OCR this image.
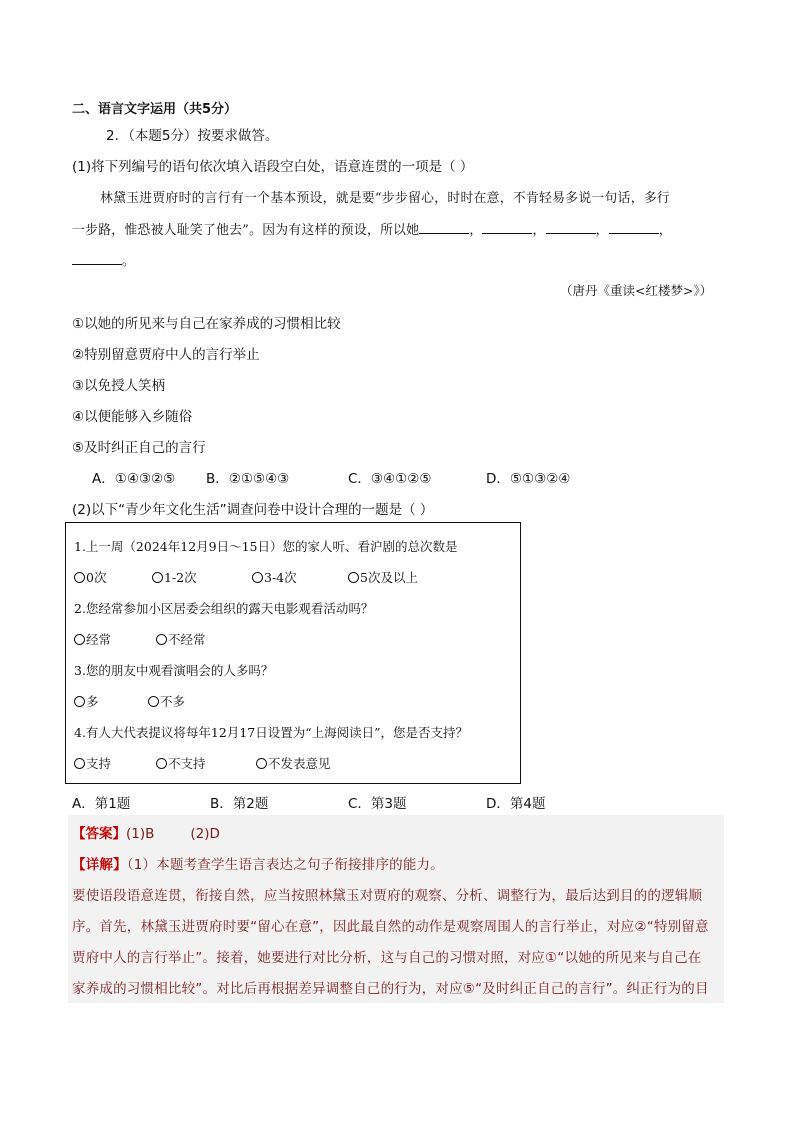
二、语言文字运用（共5分）
2．（本题5分）按要求做答。
(1)将下列编号的语句依次填入语段空白处，语意连贯的一项是（ ）
林黛玉进贾府时的言行有一个基本预设，就是要“步步留心，时时在意，不肯轻易多说一句话，多行
一步路，惟恐被人耻笑了他去”。因为有这样的预设，所以她	，	，	，	，
。
（唐丹《重读<红楼梦>》）
①以她的所见来与自己在家养成的习惯相比较
②特别留意贾府中人的言行举止
③以免授人笑柄
④以便能够入乡随俗
⑤及时纠正自己的言行
A．①④③②⑤ B．②①⑤④③	C．③④①②⑤	D．⑤①③②④
(2)以下“青少年文化生活”调查问卷中设计合理的一题是（ ）
1.上一周（2024年12月9日～15日）您的家人听、看沪剧的总次数是
0次	1-2次	3-4次	5次及以上
2.您经常参加小区居委会组织的露天电影观看活动吗？
经常	不经常
3.您的朋友中观看演唱会的人多吗？
多	不多
4.有人大代表提议将每年12月17日设置为“上海阅读日”，您是否支持？
支持	不支持	不发表意见
A．第1题	B．第2题	C．第3题	D．第4题
【答案】(1)B	(2)D
【详解】（1）本题考查学生语言表达之句子衔接排序的能力。
要使语段语意连贯，衔接自然，应当按照林黛玉对贾府的观察、分析、调整行为，最后达到目的的逻辑顺
序。首先，林黛玉进贾府时要“留心在意”，因此最自然的动作是观察周围人的言行举止，对应②“特别留意
贾府中人的言行举止”。接着，她要进行对比分析，这与自己的习惯对照，对应①“以她的所见来与自己在
家养成的习惯相比较”。对比后再根据差异调整自己的行为，对应⑤“及时纠正自己的言行”。纠正行为的目
